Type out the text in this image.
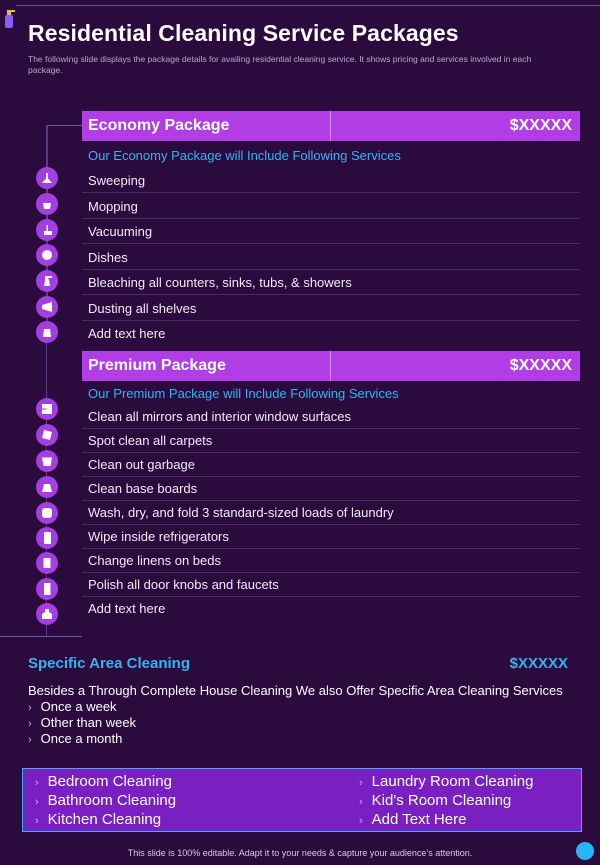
Residential Cleaning Service Packages
The following slide displays the package details for availing residential cleaning service. It shows pricing and services involved in each package.
Economy Package	$XXXXX
Our Economy Package will Include Following Services
Sweeping
Mopping
Vacuuming
Dishes
Bleaching all counters, sinks, tubs, & showers
Dusting all shelves
Add text here
Premium Package	$XXXXX
Our Premium Package will Include Following Services
Clean all mirrors and interior window surfaces
Spot clean all carpets
Clean out garbage
Clean base boards
Wash, dry, and fold 3 standard-sized loads of laundry
Wipe inside refrigerators
Change linens on beds
Polish all door knobs and faucets
Add text here
Specific Area Cleaning	$XXXXX
Besides a Through Complete House Cleaning We also Offer Specific Area Cleaning Services
› Once a week
› Other than week
› Once a month
› Bedroom Cleaning
› Bathroom Cleaning
› Kitchen Cleaning
› Laundry Room Cleaning
› Kid's Room Cleaning
› Add Text Here
This slide is 100% editable. Adapt it to your needs & capture your audience’s attention.
